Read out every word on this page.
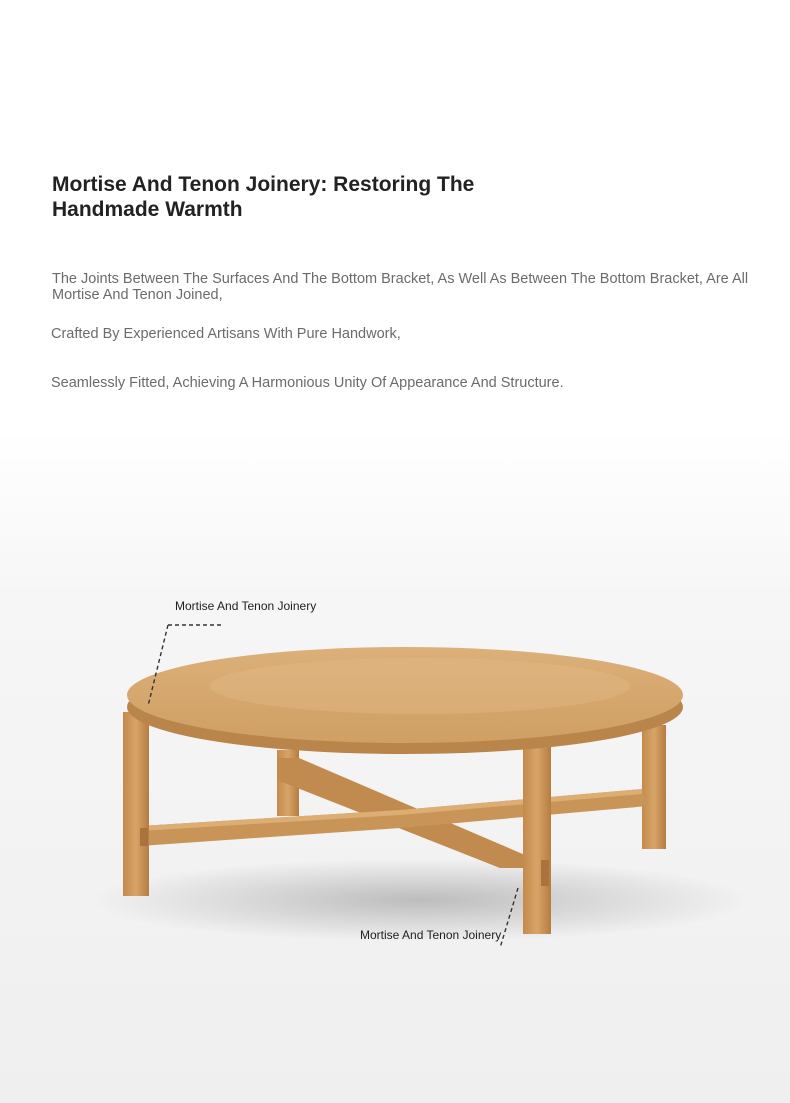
Mortise And Tenon Joinery: Restoring The
Handmade Warmth

The Joints Between The Surfaces And The Bottom Bracket, As Well As Between The Bottom Bracket, Are All Mortise And Tenon Joined,

Crafted By Experienced Artisans With Pure Handwork,

Seamlessly Fitted, Achieving A Harmonious Unity Of Appearance And Structure.

Mortise And Tenon Joinery
Mortise And Tenon Joinery
